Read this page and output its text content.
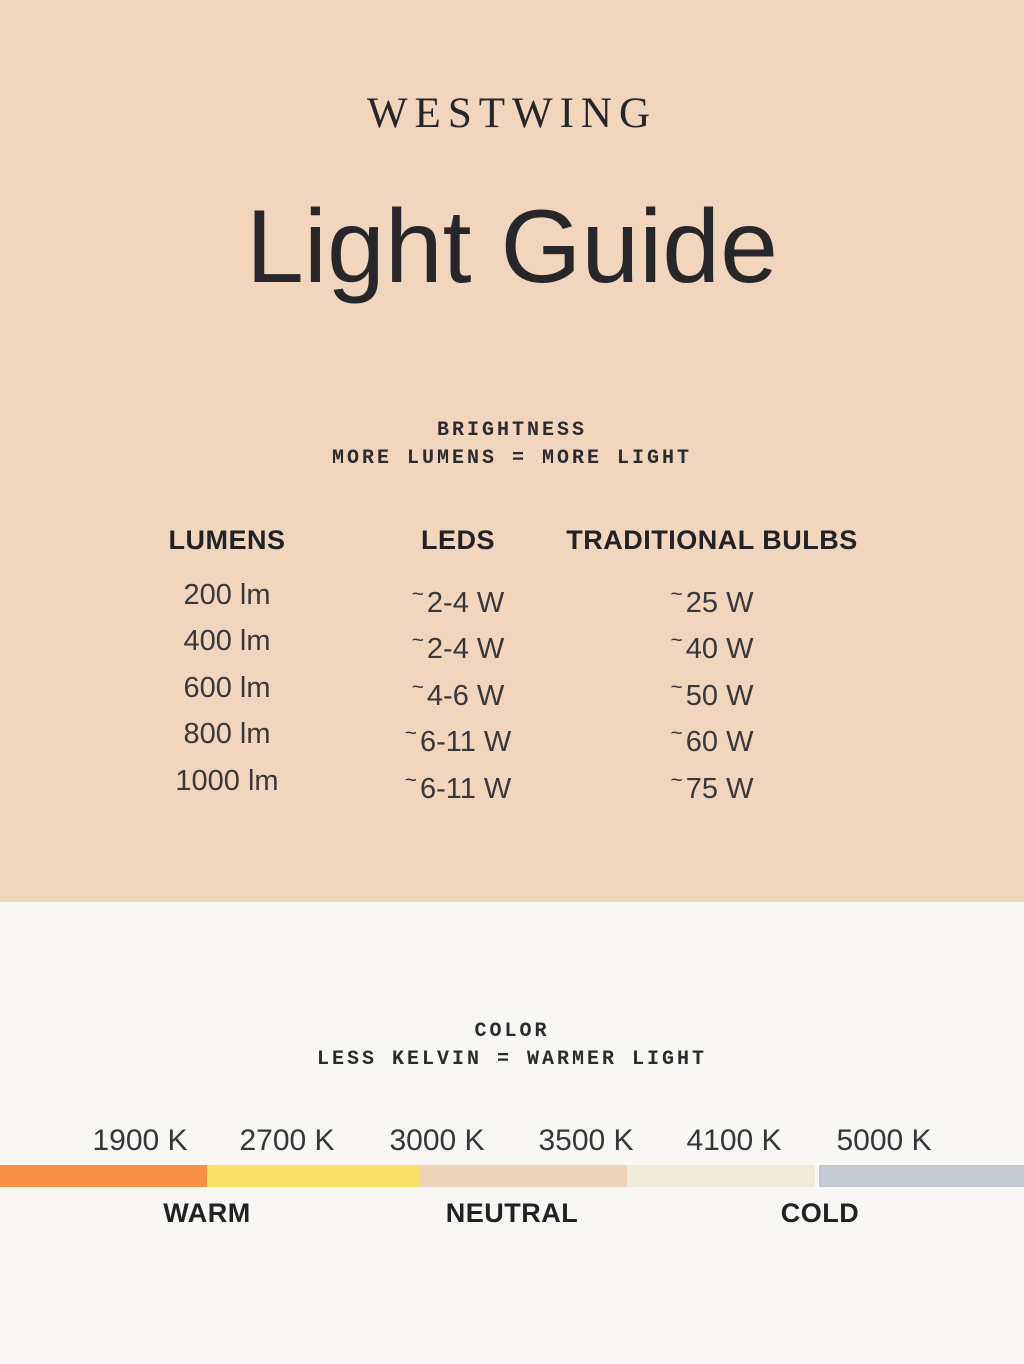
WESTWING
Light Guide
BRIGHTNESS
MORE LUMENS = MORE LIGHT
LUMENS
200 lm
400 lm
600 lm
800 lm
1000 lm
LEDS
~ 2-4 W
~ 2-4 W
~ 4-6 W
~ 6-11 W
~ 6-11 W
TRADITIONAL BULBS
~ 25 W
~ 40 W
~ 50 W
~ 60 W
~ 75 W
COLOR
LESS KELVIN = WARMER LIGHT
1900 K 2700 K 3000 K 3500 K 4100 K 5000 K
WARM	NEUTRAL	COLD
